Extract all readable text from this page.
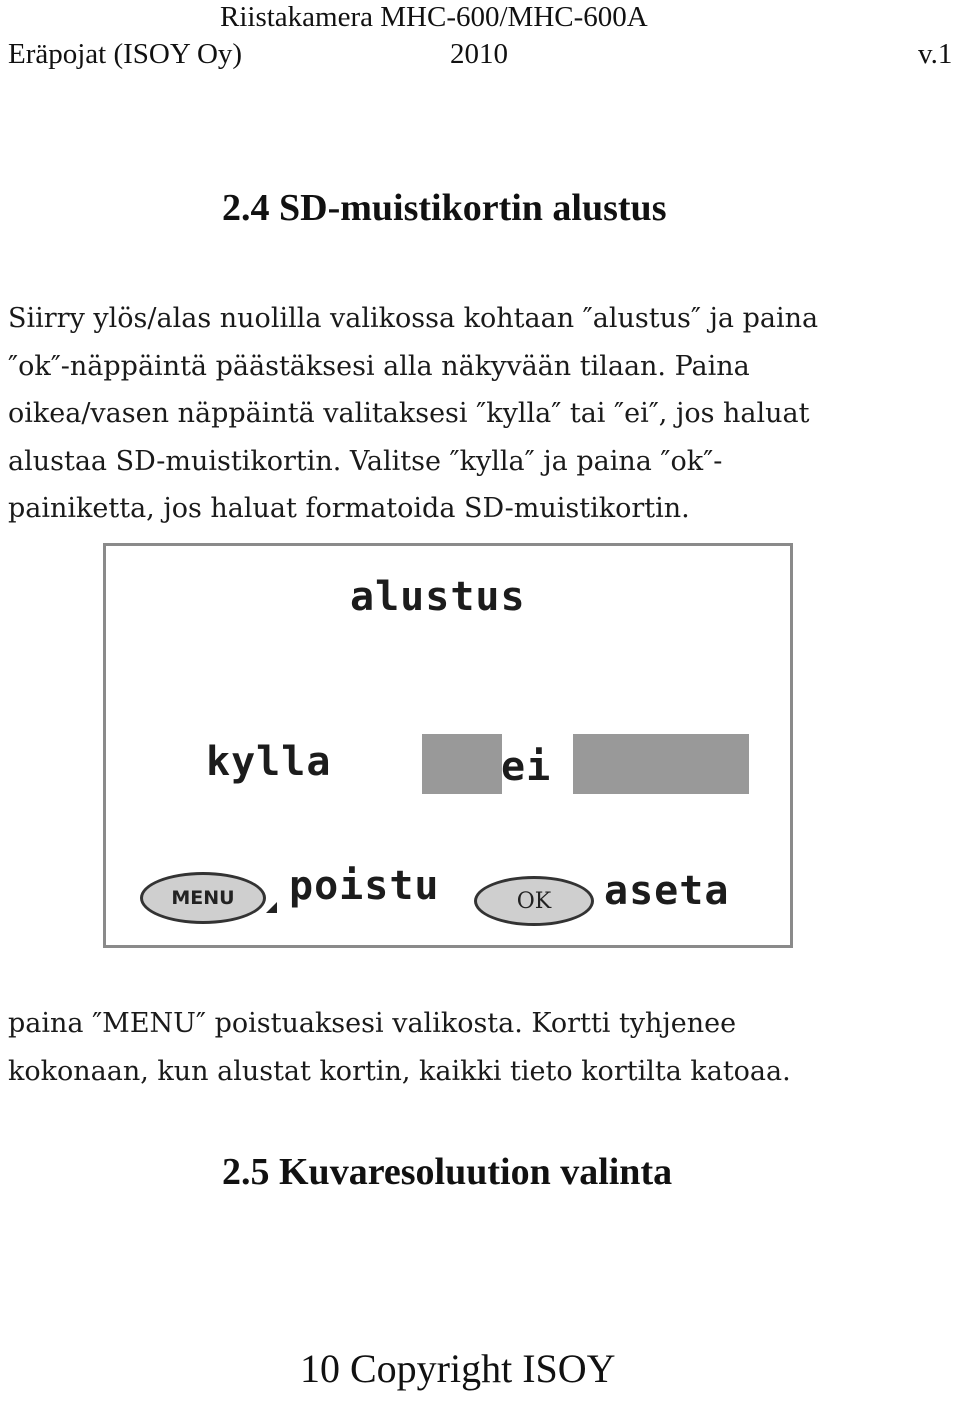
Riistakamera MHC-600/MHC-600A
Eräpojat (ISOY Oy)	2010	v.1
2.4 SD-muistikortin alustus
Siirry ylös/alas nuolilla valikossa kohtaan ″alustus″ ja paina
″ok″-näppäintä päästäksesi alla näkyvään tilaan. Paina
oikea/vasen näppäintä valitaksesi ″kylla″ tai ″ei″, jos haluat
alustaa SD-muistikortin. Valitse ″kylla″ ja paina ″ok″-
painiketta, jos haluat formatoida SD-muistikortin.
alustus
kylla	ei
MENU poistu	OK aseta
paina ″MENU″ poistuaksesi valikosta. Kortti tyhjenee
kokonaan, kun alustat kortin, kaikki tieto kortilta katoaa.
2.5 Kuvaresoluution valinta
10 Copyright ISOY
